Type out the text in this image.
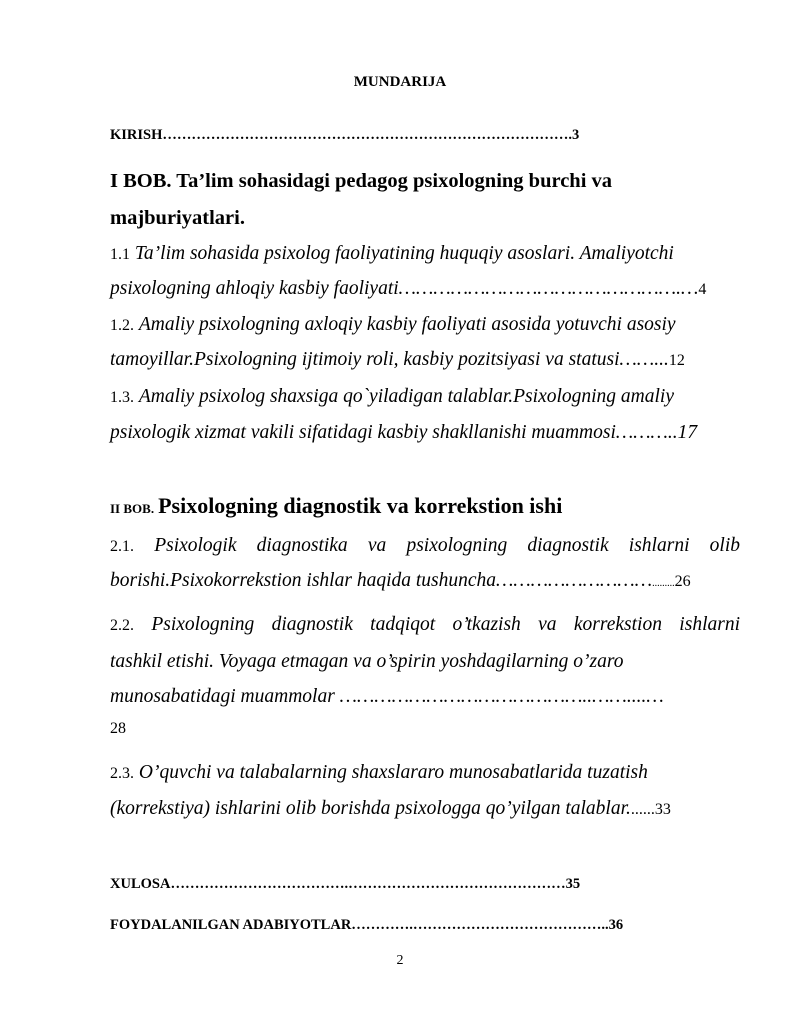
MUNDARIJA
KIRISH………………………………………………………………………….3
I BOB. Ta’lim sohasidagi pedagog psixologning burchi va
majburiyatlari.
1.1 Ta’lim sohasida psixolog faoliyatining huquqiy asoslari. Amaliyotchi
psixologning ahloqiy kasbiy faoliyati………………………………………….…4
1.2. Amaliy psixologning axloqiy kasbiy faoliyati asosida yotuvchi asosiy
tamoyillar.Psixologning ijtimoiy roli, kasbiy pozitsiyasi va statusi……...12
1.3. Amaliy psixolog shaxsiga qo`yiladigan talablar.Psixologning amaliy
psixologik xizmat vakili sifatidagi kasbiy shakllanishi muammosi………..17
II BOB. Psixologning diagnostik va korrekstion ishi
2.1. Psixologik diagnostika va psixologning diagnostik ishlarni olib
borishi.Psixokorrekstion ishlar haqida tushuncha……………………….........26
2.2. Psixologning diagnostik tadqiqot o’tkazish va korrekstion ishlarni
tashkil etishi. Voyaga etmagan va o’spirin yoshdagilarning o’zaro
munosabatidagi muammolar ……………………………………..……....…
28
2.3. O’quvchi va talabalarning shaxslararo munosabatlarida tuzatish
(korrekstiya) ishlarini olib borishda psixologga qo’yilgan talablar.......33
XULOSA……………………………….………………………………………35
FOYDALANILGAN ADABIYOTLAR………….…………………………………..36
2
